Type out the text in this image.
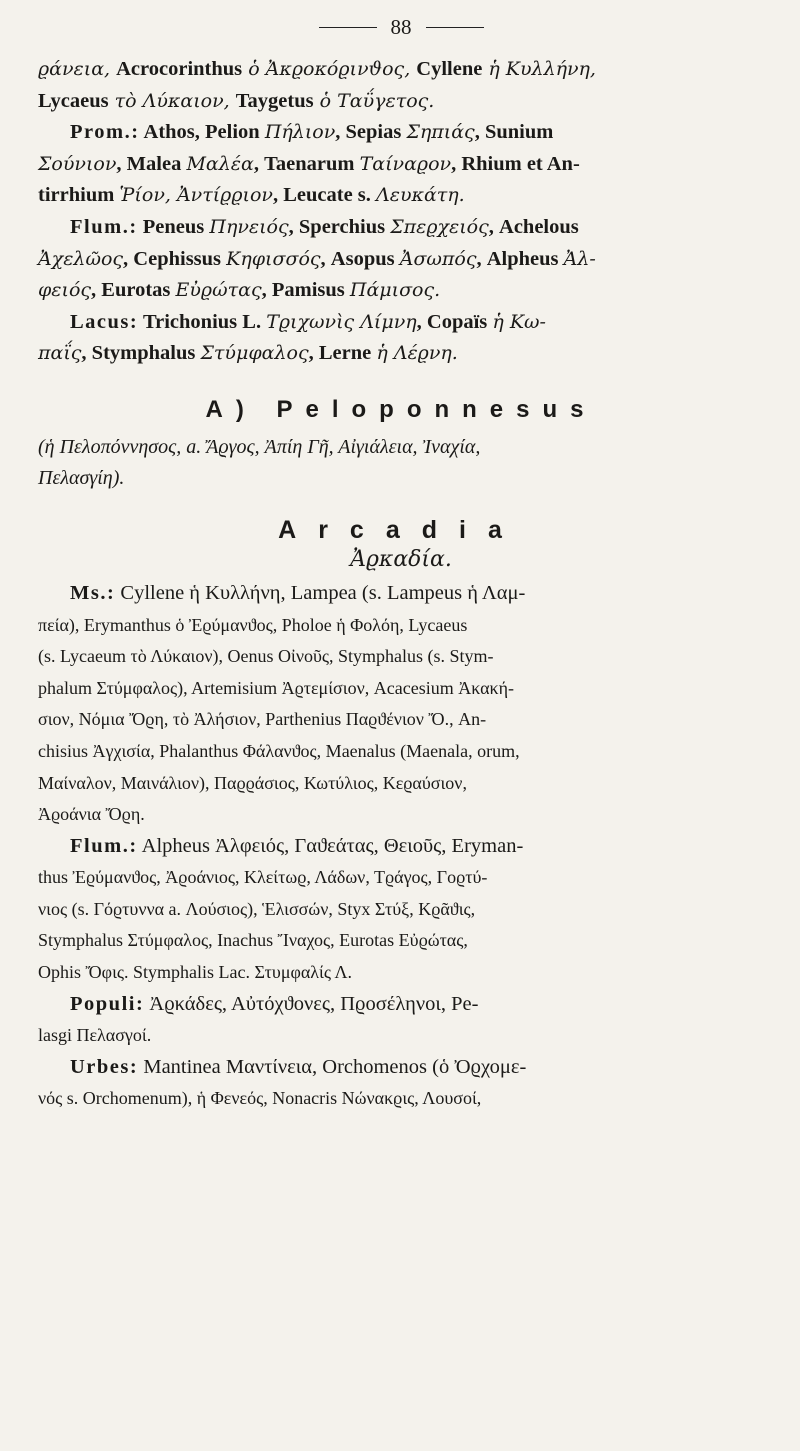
88

ϱάνεια, Acrocorinthus ὁ Ἀκϱοκόϱινϑος, Cyllene ἡ Κυλλήνη,
Lycaeus τὸ Λύκαιον, Taygetus ὁ Ταΰγετος.

Prom.: Athos, Pelion Πήλιον, Sepias Σηπιάς, Sunium
Σούνιον, Malea Μαλέα, Taenarum Ταίναϱον, Rhium et An-
tirrhium Ῥίον, Ἀντίϱϱιον, Leucate s. Λευκάτη.

Flum.: Peneus Πηνειός, Sperchius Σπεϱχειός, Achelous
Ἀχελῶος, Cephissus Κηφισσός, Asopus Ἀσωπός, Alpheus Ἀλ-
φειός, Eurotas Εὐϱώτας, Pamisus Πάμισος.

Lacus: Trichonius L. Τϱιχωνὶς Λίμνη, Copaïs ἡ Κω-
παΐς, Stymphalus Στύμφαλος, Lerne ἡ Λέϱνη.

A) Peloponnesus

(ἡ Πελοπόννησος, a. Ἄϱγος, Ἀπίη Γῆ, Αἰγιάλεια, Ἰναχία,
Πελασγίη).

Arcadia
Ἀϱκαδία.

Ms.: Cyllene ἡ Κυλλήνη, Lampea (s. Lampeus ἡ Λαμ-
πεία), Erymanthus ὁ Ἐϱύμανϑος, Pholoe ἡ Φολόη, Lycaeus
(s. Lycaeum τὸ Λύκαιον), Oenus Οἰνοῦς, Stymphalus (s. Stym-
phalum Στύμφαλος), Artemisium Ἀϱτεμίσιον, Acacesium Ἀκακή-
σιον, Νόμια Ὄϱη, τὸ Ἀλήσιον, Parthenius Παϱϑένιον Ὄ., An-
chisius Ἀγχισία, Phalanthus Φάλανϑος, Maenalus (Maenala, orum,
Μαίναλον, Μαινάλιον), Παϱϱάσιος, Κωτύλιος, Κεϱαύσιον,
Ἀϱοάνια Ὄϱη.

Flum.: Alpheus Ἀλφειός, Γαϑεάτας, Θειοῦς, Eryman-
thus Ἐϱύμανϑος, Ἀϱοάνιος, Κλείτωϱ, Λάδων, Τϱάγος, Γοϱτύ-
νιος (s. Γόϱτυννα a. Λούσιος), Ἑλισσών, Styx Στύξ, Κϱᾶϑις,
Stymphalus Στύμφαλος, Inachus Ἴναχος, Eurotas Εὐϱώτας,
Ophis Ὄφις. Stymphalis Lac. Στυμφαλίς Λ.

Populi: Ἀϱκάδες, Αὐτόχϑονες, Πϱοσέληνοι, Pe-
lasgi Πελασγοί.

Urbes: Mantinea Μαντίνεια, Orchomenos (ὁ Ὀϱχομε-
νός s. Orchomenum), ἡ Φενεός, Nonacris Νώνακϱις, Λουσοί,
